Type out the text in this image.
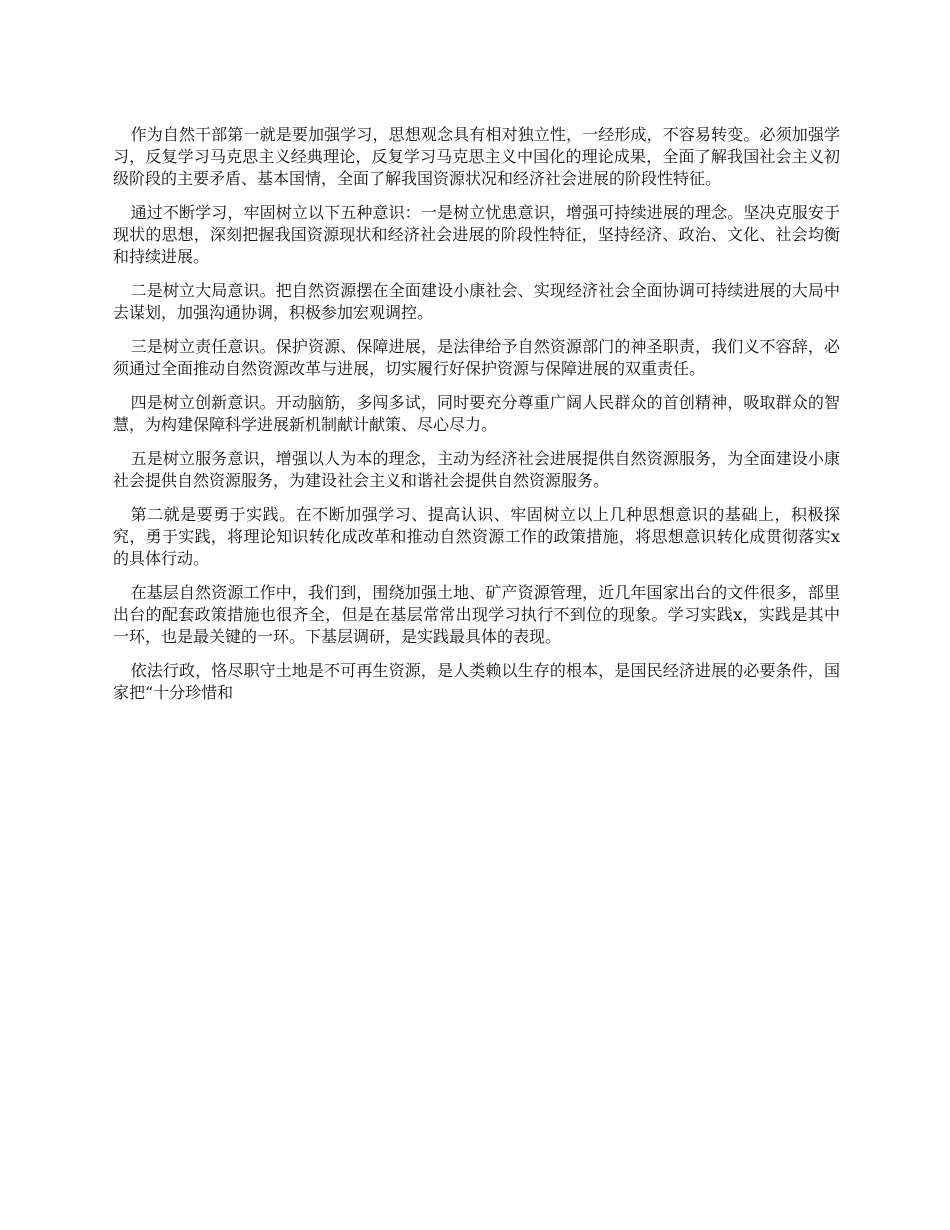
作为自然干部第一就是要加强学习，思想观念具有相对独立性，一经形成，不容易转变。必须加强学习，反复学习马克思主义经典理论，反复学习马克思主义中国化的理论成果，全面了解我国社会主义初级阶段的主要矛盾、基本国情，全面了解我国资源状况和经济社会进展的阶段性特征。

通过不断学习，牢固树立以下五种意识：一是树立忧患意识，增强可持续进展的理念。坚决克服安于现状的思想，深刻把握我国资源现状和经济社会进展的阶段性特征，坚持经济、政治、文化、社会均衡和持续进展。

二是树立大局意识。把自然资源摆在全面建设小康社会、实现经济社会全面协调可持续进展的大局中去谋划，加强沟通协调，积极参加宏观调控。

三是树立责任意识。保护资源、保障进展，是法律给予自然资源部门的神圣职责，我们义不容辞，必须通过全面推动自然资源改革与进展，切实履行好保护资源与保障进展的双重责任。

四是树立创新意识。开动脑筋，多闯多试，同时要充分尊重广阔人民群众的首创精神，吸取群众的智慧，为构建保障科学进展新机制献计献策、尽心尽力。

五是树立服务意识，增强以人为本的理念，主动为经济社会进展提供自然资源服务，为全面建设小康社会提供自然资源服务，为建设社会主义和谐社会提供自然资源服务。

第二就是要勇于实践。在不断加强学习、提高认识、牢固树立以上几种思想意识的基础上，积极探究，勇于实践，将理论知识转化成改革和推动自然资源工作的政策措施，将思想意识转化成贯彻落实x的具体行动。

在基层自然资源工作中，我们到，围绕加强土地、矿产资源管理，近几年国家出台的文件很多，部里出台的配套政策措施也很齐全，但是在基层常常出现学习执行不到位的现象。学习实践x，实践是其中一环，也是最关键的一环。下基层调研，是实践最具体的表现。

依法行政，恪尽职守土地是不可再生资源，是人类赖以生存的根本，是国民经济进展的必要条件，国家把“十分珍惜和
